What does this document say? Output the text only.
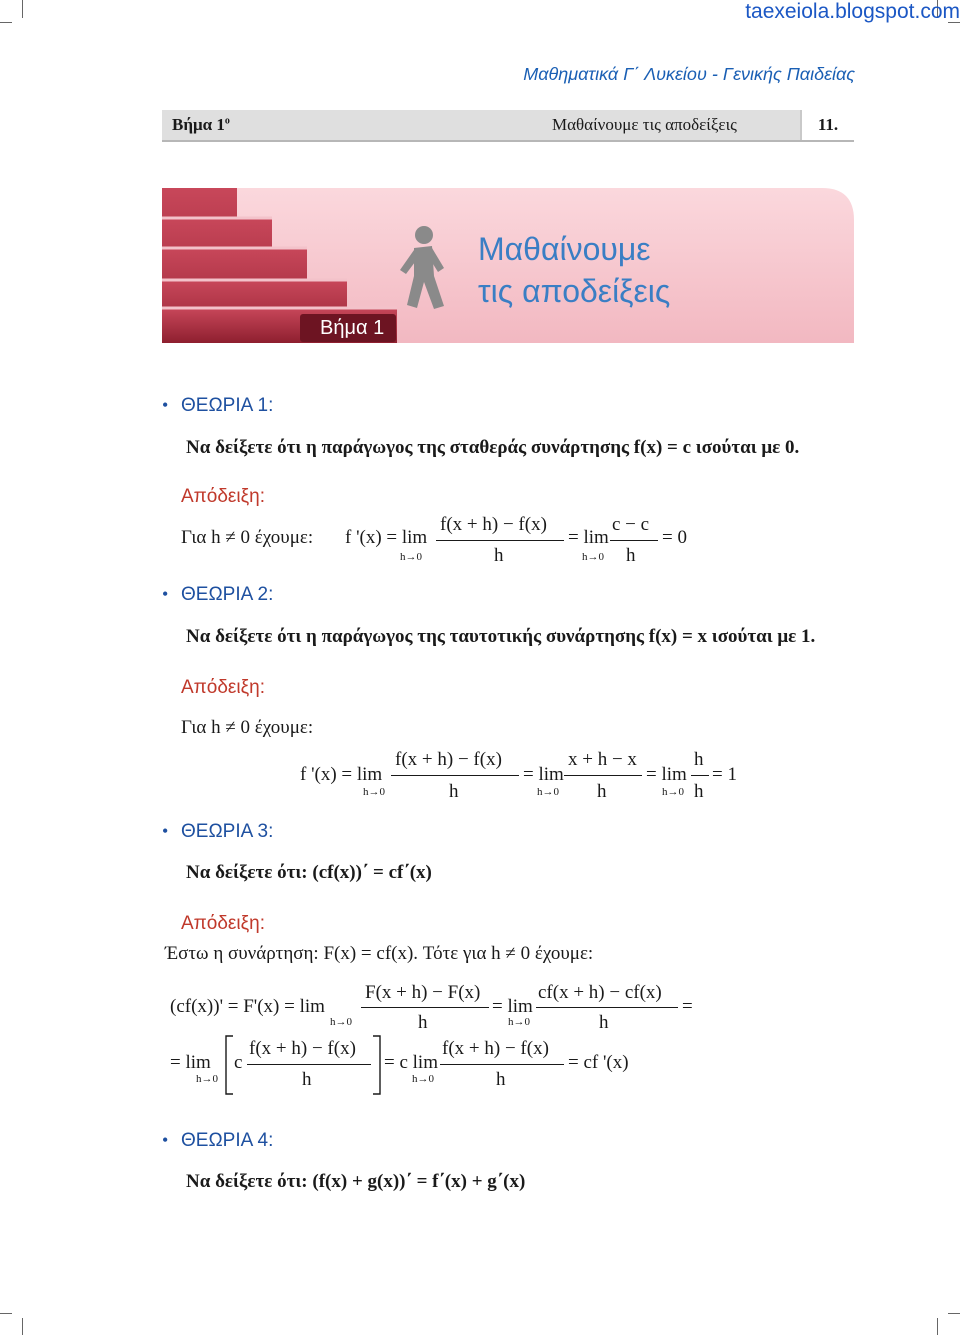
taexeiola.blogspot.com
Μαθηματικά Γ΄ Λυκείου - Γενικής Παιδείας
Βήμα $1^o$	Μαθαίνουμε τις αποδείξεις	11.
Μαθαίνουμε
τις αποδείξεις
Βήμα 1
• ΘΕΩΡΙΑ 1:
Να δείξετε ότι η παράγωγος της σταθεράς συνάρτησης f(x) = c ισούται με 0.
Απόδειξη:
Για h ≠ 0 έχουμε: f '(x) = lim
h→0
f(x + h) − f(x)
h
= lim
h→0
c − c
h
= 0
• ΘΕΩΡΙΑ 2:
Να δείξετε ότι η παράγωγος της ταυτοτικής συνάρτησης f(x) = x ισούται με 1.
Απόδειξη:
Για h ≠ 0 έχουμε:
f '(x) = lim
h→0
f(x + h) − f(x)
h
= lim
h→0
x + h − x
h
= lim
h→0
h
h
= 1
• ΘΕΩΡΙΑ 3:
Να δείξετε ότι: (cf(x))΄ = cf΄(x)
Απόδειξη:
Έστω η συνάρτηση: F(x) = cf(x). Τότε για h ≠ 0 έχουμε:
(cf(x))' = F'(x) = lim
h→0
F(x + h) − F(x)
h
= lim
h→0
cf(x + h) − cf(x)
h
=
= lim
h→0
c
f(x + h) − f(x)
h
= c lim
h→0
f(x + h) − f(x)
h
= cf '(x)
• ΘΕΩΡΙΑ 4:
Να δείξετε ότι: (f(x) + g(x))΄ = f΄(x) + g΄(x)
